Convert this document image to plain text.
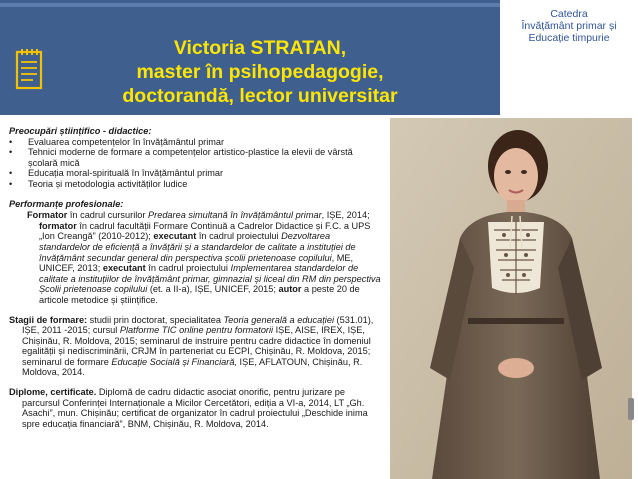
Victoria STRATAN,
master în psihopedagogie,
doctorandă, lector universitar
Catedra
Învățământ primar și
Educație timpurie
Preocupări științifico - didactice:
• Evaluarea competențelor în învățământul primar
• Tehnici moderne de formare a competențelor artistico-plastice la elevii de vârstă școlară mică
• Educația moral-spirituală în învățământul primar
• Teoria și metodologia activităților ludice
Performanțe profesionale:
Formator în cadrul cursurilor Predarea simultană în învățământul primar, IȘE, 2014; formator în cadrul facultății Formare Continuă a Cadrelor Didactice și F.C. a UPS „Ion Creangă” (2010-2012); executant în cadrul proiectului Dezvoltarea standardelor de eficiență a învățării și a standardelor de calitate a instituției de învățământ secundar general din perspectiva școlii prietenoase copilului, ME, UNICEF, 2013; executant în cadrul proiectului Implementarea standardelor de calitate a instituțiilor de învățământ primar, gimnazial și liceal din RM din perspectiva Școlii prietenoase copilului (et. a II-a), IȘE, UNICEF, 2015; autor a peste 20 de articole metodice și științifice.
Stagii de formare: studii prin doctorat, specialitatea Teoria generală a educației (531.01), IȘE, 2011 -2015; cursul Platforme TIC online pentru formatorii IȘE, AISE, IREX, IȘE, Chișinău, R. Moldova, 2015; seminarul de instruire pentru cadre didactice în domeniul egalității și nediscriminării, CRJM în parteneriat cu ECPI, Chișinău, R. Moldova, 2015; seminarul de formare Educație Socială și Financiară, IȘE, AFLATOUN, Chișinău, R. Moldova, 2014.
Diplome, certificate. Diplomă de cadru didactic asociat onorific, pentru jurizare pe parcursul Conferinței Internaționale a Micilor Cercetători, ediția a VI-a, 2014, LT „Gh. Asachi”, mun. Chișinău; certificat de organizator în cadrul proiectului „Deschide inima spre educația financiară”, BNM, Chișinău, R. Moldova, 2014.
